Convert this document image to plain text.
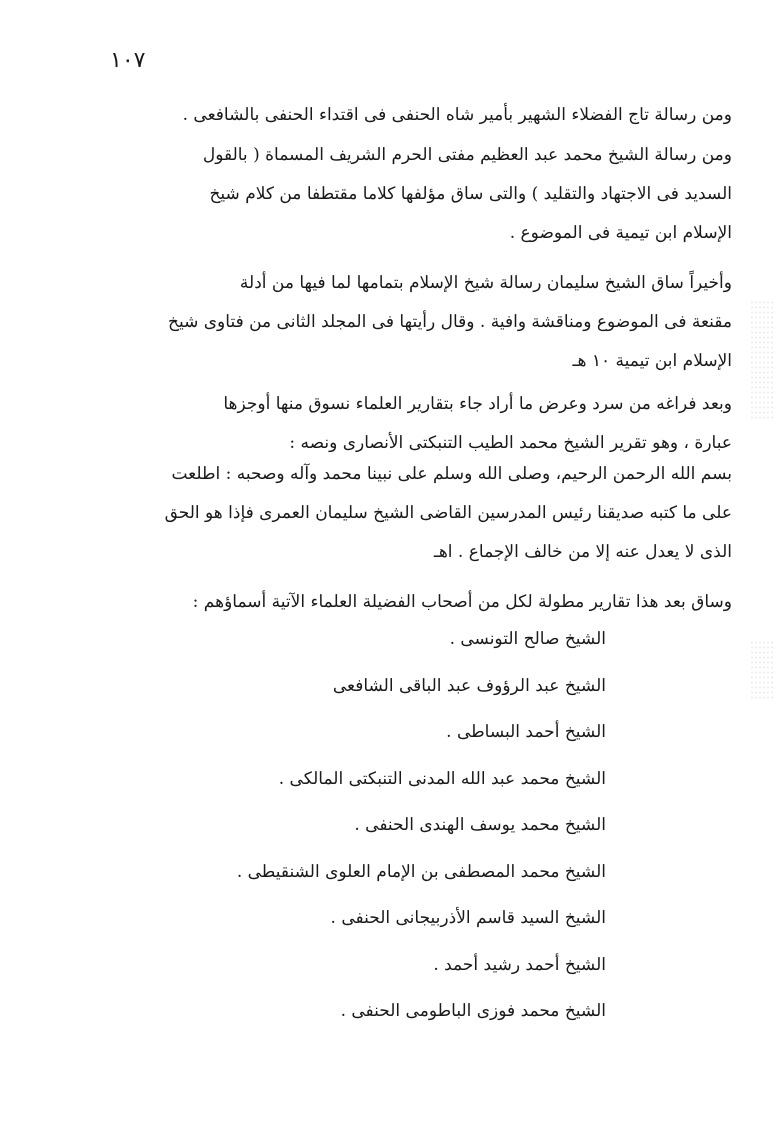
١٠٧
ومن رسالة تاج الفضلاء الشهير بأمير شاه الحنفى فى اقتداء الحنفى بالشافعى .
ومن رسالة الشيخ محمد عبد العظيم مفتى الحرم الشريف المسماة ( بالقول
السديد فى الاجتهاد والتقليد ) والتى ساق مؤلفها كلاما مقتطفا من كلام شيخ
الإسلام ابن تيمية فى الموضوع .
وأخيراً ساق الشيخ سليمان رسالة شيخ الإسلام بتمامها لما فيها من أدلة
مقنعة فى الموضوع ومناقشة وافية . وقال رأيتها فى المجلد الثانى من فتاوى شيخ
الإسلام ابن تيمية ١٠ هـ
وبعد فراغه من سرد وعرض ما أراد جاء بتقارير العلماء نسوق منها أوجزها
عبارة ، وهو تقرير الشيخ محمد الطيب التنبكتى الأنصارى ونصه :
بسم الله الرحمن الرحيم، وصلى الله وسلم على نبينا محمد وآله وصحبه : اطلعت
على ما كتبه صديقنا رئيس المدرسين القاضى الشيخ سليمان العمرى فإذا هو الحق
الذى لا يعدل عنه إلا من خالف الإجماع . اهـ
وساق بعد هذا تقارير مطولة لكل من أصحاب الفضيلة العلماء الآتية أسماؤهم :
الشيخ صالح التونسى .
الشيخ عبد الرؤوف عبد الباقى الشافعى
الشيخ أحمد البساطى .
الشيخ محمد عبد الله المدنى التنبكتى المالكى .
الشيخ محمد يوسف الهندى الحنفى .
الشيخ محمد المصطفى بن الإمام العلوى الشنقيطى .
الشيخ السيد قاسم الأذربيجانى الحنفى .
الشيخ أحمد رشيد أحمد .
الشيخ محمد فوزى الباطومى الحنفى .
